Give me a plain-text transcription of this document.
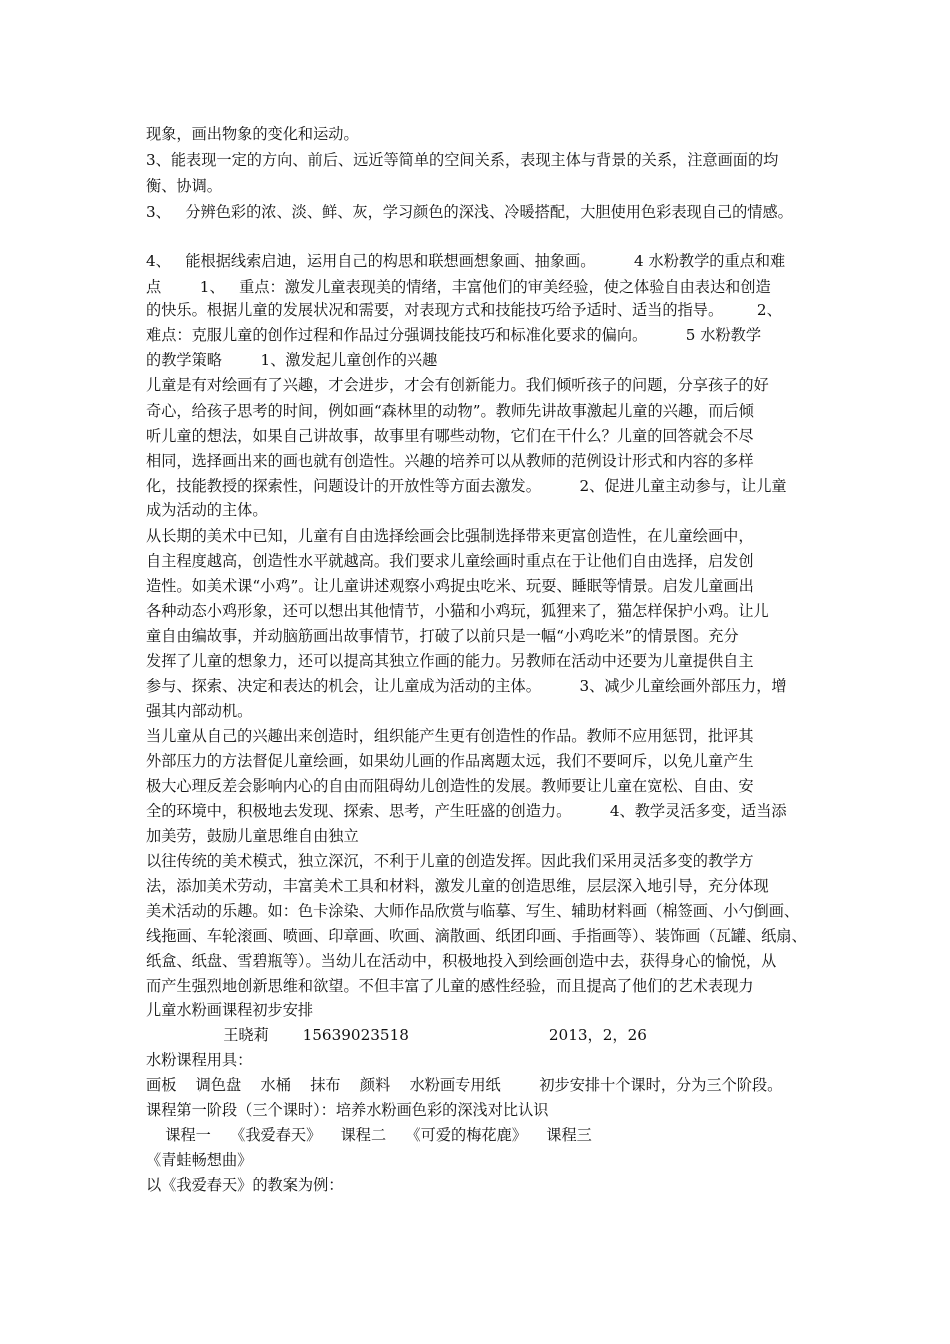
现象，画出物象的变化和运动。
3、能表现一定的方向、前后、远近等简单的空间关系，表现主体与背景的关系，注意画面的均
衡、协调。
3、   分辨色彩的浓、淡、鲜、灰，学习颜色的深浅、冷暖搭配，大胆使用色彩表现自己的情感。
4、   能根据线索启迪，运用自己的构思和联想画想象画、抽象画。        4 水粉教学的重点和难
点        1、   重点：激发儿童表现美的情绪，丰富他们的审美经验，使之体验自由表达和创造
的快乐。根据儿童的发展状况和需要，对表现方式和技能技巧给予适时、适当的指导。       2、
难点：克服儿童的创作过程和作品过分强调技能技巧和标准化要求的偏向。        5 水粉教学
的教学策略        1、激发起儿童创作的兴趣
儿童是有对绘画有了兴趣，才会进步，才会有创新能力。我们倾听孩子的问题，分享孩子的好
奇心，给孩子思考的时间，例如画“森林里的动物”。教师先讲故事激起儿童的兴趣，而后倾
听儿童的想法，如果自己讲故事，故事里有哪些动物，它们在干什么？儿童的回答就会不尽
相同，选择画出来的画也就有创造性。兴趣的培养可以从教师的范例设计形式和内容的多样
化，技能教授的探索性，问题设计的开放性等方面去激发。        2、促进儿童主动参与，让儿童
成为活动的主体。
从长期的美术中已知，儿童有自由选择绘画会比强制选择带来更富创造性，在儿童绘画中，
自主程度越高，创造性水平就越高。我们要求儿童绘画时重点在于让他们自由选择，启发创
造性。如美术课“小鸡”。让儿童讲述观察小鸡捉虫吃米、玩耍、睡眠等情景。启发儿童画出
各种动态小鸡形象，还可以想出其他情节，小猫和小鸡玩，狐狸来了，猫怎样保护小鸡。让儿
童自由编故事，并动脑筋画出故事情节，打破了以前只是一幅“小鸡吃米”的情景图。充分
发挥了儿童的想象力，还可以提高其独立作画的能力。另教师在活动中还要为儿童提供自主
参与、探索、决定和表达的机会，让儿童成为活动的主体。        3、减少儿童绘画外部压力，增
强其内部动机。
当儿童从自己的兴趣出来创造时，组织能产生更有创造性的作品。教师不应用惩罚，批评其
外部压力的方法督促儿童绘画，如果幼儿画的作品离题太远，我们不要呵斥，以免儿童产生
极大心理反差会影响内心的自由而阻碍幼儿创造性的发展。教师要让儿童在宽松、自由、安
全的环境中，积极地去发现、探索、思考，产生旺盛的创造力。        4、教学灵活多变，适当添
加美劳，鼓励儿童思维自由独立
以往传统的美术模式，独立深沉，不利于儿童的创造发挥。因此我们采用灵活多变的教学方
法，添加美术劳动，丰富美术工具和材料，激发儿童的创造思维，层层深入地引导，充分体现
美术活动的乐趣。如：色卡涂染、大师作品欣赏与临摹、写生、辅助材料画（棉签画、小勺倒画、
线拖画、车轮滚画、喷画、印章画、吹画、滴散画、纸团印画、手指画等）、装饰画（瓦罐、纸扇、
纸盒、纸盘、雪碧瓶等）。当幼儿在活动中，积极地投入到绘画创造中去，获得身心的愉悦，从
而产生强烈地创新思维和欲望。不但丰富了儿童的感性经验，而且提高了他们的艺术表现力
儿童水粉画课程初步安排
王晓莉       15639023518                             2013，2，26
水粉课程用具：
画板    调色盘    水桶    抹布    颜料    水粉画专用纸        初步安排十个课时，分为三个阶段。
课程第一阶段（三个课时）：培养水粉画色彩的深浅对比认识
课程一    《我爱春天》    课程二    《可爱的梅花鹿》    课程三
《青蛙畅想曲》
以《我爱春天》的教案为例：
